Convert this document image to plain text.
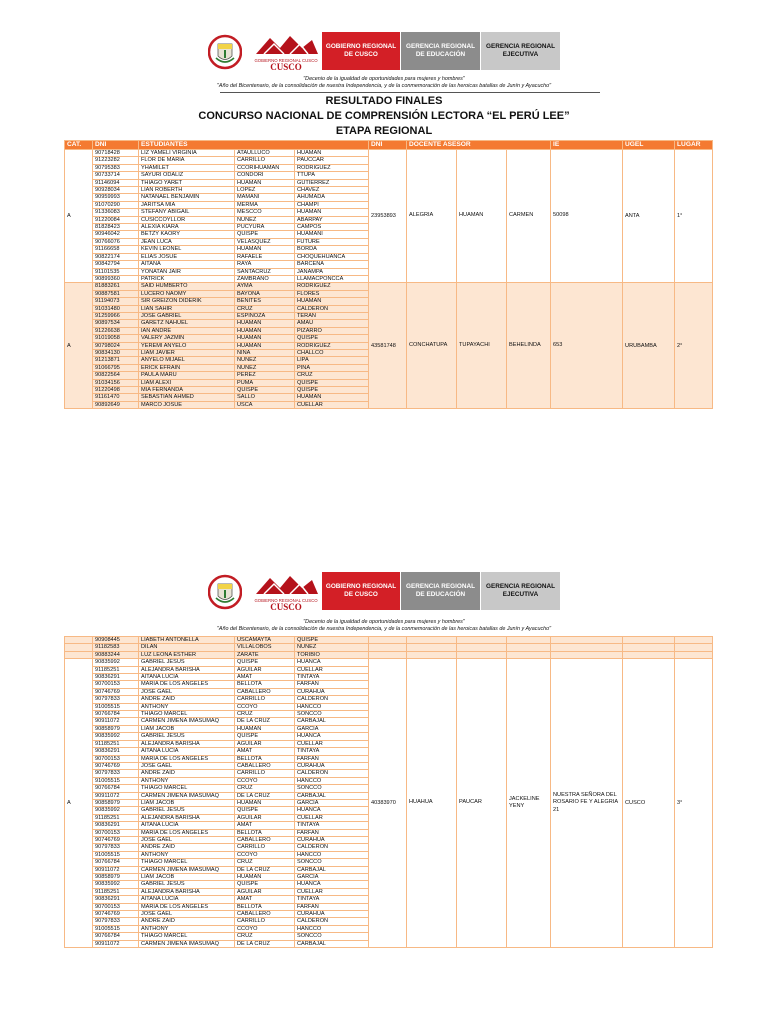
GOBIERNO REGIONAL CUSCO
CUSCO
GOBIERNO REGIONAL DE CUSCO
GERENCIA REGIONAL DE EDUCACIÓN
GERENCIA REGIONAL EJECUTIVA
"Decenio de la igualdad de oportunidades para mujeres y hombres"
"Año del Bicentenario, de la consolidación de nuestra Independencia, y de la conmemoración de las heroicas batallas de Junín y Ayacucho"
RESULTADO FINALES
CONCURSO NACIONAL DE COMPRENSIÓN LECTORA “EL PERÚ LEE”
ETAPA REGIONAL
CAT.	DNI	ESTUDIANTES			DNI	DOCENTE ASESOR			IE	UGEL	LUGAR
A	90718428	LIZ YAMELI VIRGINIA	ATAULLUCO	HUAMAN	23953893	ALEGRIA	HUAMAN	CARMEN	50098	ANTA	1°
	91223282	FLOR DE MARIA	CARRILLO	PAUCCAR							
	90795383	YHAMILET	CCORIHUAMAN	RODRIGUEZ							
	90733714	SAYURI ODALIZ	CONDORI	TTUPA							
	91146094	THIAGO YARET	HUAMAN	GUTIERREZ							
	90928034	LIAN ROBERTH	LOPEZ	CHAVEZ							
	90959993	NATANAEL BENJAMIN	MAMANI	AHUMADA							
	91070290	JARITSA MIA	MERMA	CHAMPI							
	91336083	STEFANY ABIGAIL	MESCCO	HUAMAN							
	91220084	CUSICCOYLLOR	NUÑEZ	ABARPAY							
	81828423	ALEXIA KIARA	PUCYURA	CAMPOS							
	90946042	BETZY KAORY	QUISPE	HUAMANI							
	90766076	JEAN LUCA	VELASQUEZ	FUTURE							
	91166658	KEVIN LEONEL	HUAMAN	BORDA							
	90822174	ELIAS JOSUE	RAFAELE	CHOQUEHUANCA							
	90842794	AITANA	RAYA	BARCENA							
	91101535	YONATAN JAIR	SANTACRUZ	JANAMPA							
	90899360	PATRICK	ZAMBRANO	LLAMACPONCCA							
A	81883261	SAID HUMBERTO	AYMA	RODRIGUEZ	43581748	CONCHATUPA	TUPAYACHI	BEHELINDA	653	URUBAMBA	2°
	90887581	LUCERO NAOMY	BAYONA	FLORES							
	91194073	SIR GREIZON DIDERIK	BENITES	HUAMAN							
	91031480	LIAN SAHIR	CRUZ	CALDERON							
	91259966	JOSE GABRIEL	ESPINOZA	TERAN							
	90897534	GARETZ NAHUEL	HUAMAN	AMAU							
	91226638	IAN ANDRE	HUAMAN	PIZARRO							
	91019058	VALERY JAZMIN	HUAMAN	QUISPE							
	90798024	YEREMI ANYELO	HUAMAN	RODRIGUEZ							
	90834130	LIAM JAVIER	NINA	CHALLCO							
	91213871	ANYELO MIJAEL	NUÑEZ	LIPA							
	91066795	ERICK EFRAIN	NUÑEZ	PIÑA							
	90822564	PAULA MARU	PEREZ	CRUZ							
	91034156	LIAM ALEXI	PUMA	QUISPE							
	91220498	MIA FERNANDA	QUISPE	QUISPE							
	91161470	SEBASTIAN AHMED	SALLO	HUAMAN							
	90892649	MARCO JOSUE	USCA	CUELLAR							
GOBIERNO REGIONAL CUSCO
CUSCO
GOBIERNO REGIONAL DE CUSCO
GERENCIA REGIONAL DE EDUCACIÓN
GERENCIA REGIONAL EJECUTIVA
"Decenio de la igualdad de oportunidades para mujeres y hombres"
"Año del Bicentenario, de la consolidación de nuestra Independencia, y de la conmemoración de las heroicas batallas de Junín y Ayacucho"
	90908445	LIABETH ANTONELLA	USCAMAYTA	QUISPE							
	91182583	DILAN	VILLALOBOS	NUÑEZ							
	90883244	LUZ LEONA ESTHER	ZARATE	TORIBIO							
A	90835992	GABRIEL JESUS	QUISPE	HUANCA	40383970	HUAHUA	PAUCAR	JACKELINE YENY	NUESTRA SEÑORA DEL ROSARIO FE Y ALEGRIA 21	CUSCO	3°
	91185251	ALEJANDRA BARISHA	AGUILAR	CUELLAR							
	90836291	AITANA LUCIA	AMAT	TINTAYA							
	90700153	MARIA DE LOS ANGELES	BELLOTA	FARFAN							
	90746769	JOSE GAEL	CABALLERO	CURAHUA							
	90797833	ANDRE ZAID	CARRILLO	CALDERON							
	91005515	ANTHONY	CCOYO	HANCCO							
	90766784	THIAGO MARCEL	CRUZ	SONCCO							
	90911072	CARMEN JIMENA IMASUMAQ	DE LA CRUZ	CARBAJAL							
	90858979	LIAM JACOB	HUAMAN	GARCIA							
	90835992	GABRIEL JESUS	QUISPE	HUANCA							
	91185251	ALEJANDRA BARISHA	AGUILAR	CUELLAR							
	90836291	AITANA LUCIA	AMAT	TINTAYA							
	90700153	MARIA DE LOS ANGELES	BELLOTA	FARFAN							
	90746769	JOSE GAEL	CABALLERO	CURAHUA							
	90797833	ANDRE ZAID	CARRILLO	CALDERON							
	91005515	ANTHONY	CCOYO	HANCCO							
	90766784	THIAGO MARCEL	CRUZ	SONCCO							
	90911072	CARMEN JIMENA IMASUMAQ	DE LA CRUZ	CARBAJAL							
	90858979	LIAM JACOB	HUAMAN	GARCIA							
	90835992	GABRIEL JESUS	QUISPE	HUANCA							
	91185251	ALEJANDRA BARISHA	AGUILAR	CUELLAR							
	90836291	AITANA LUCIA	AMAT	TINTAYA							
	90700153	MARIA DE LOS ANGELES	BELLOTA	FARFAN							
	90746769	JOSE GAEL	CABALLERO	CURAHUA							
	90797833	ANDRE ZAID	CARRILLO	CALDERON							
	91005515	ANTHONY	CCOYO	HANCCO							
	90766784	THIAGO MARCEL	CRUZ	SONCCO							
	90911072	CARMEN JIMENA IMASUMAQ	DE LA CRUZ	CARBAJAL							
	90858979	LIAM JACOB	HUAMAN	GARCIA							
	90835992	GABRIEL JESUS	QUISPE	HUANCA							
	91185251	ALEJANDRA BARISHA	AGUILAR	CUELLAR							
	90836291	AITANA LUCIA	AMAT	TINTAYA							
	90700153	MARIA DE LOS ANGELES	BELLOTA	FARFAN							
	90746769	JOSE GAEL	CABALLERO	CURAHUA							
	90797833	ANDRE ZAID	CARRILLO	CALDERON							
	91005515	ANTHONY	CCOYO	HANCCO							
	90766784	THIAGO MARCEL	CRUZ	SONCCO							
	90911072	CARMEN JIMENA IMASUMAQ	DE LA CRUZ	CARBAJAL							
